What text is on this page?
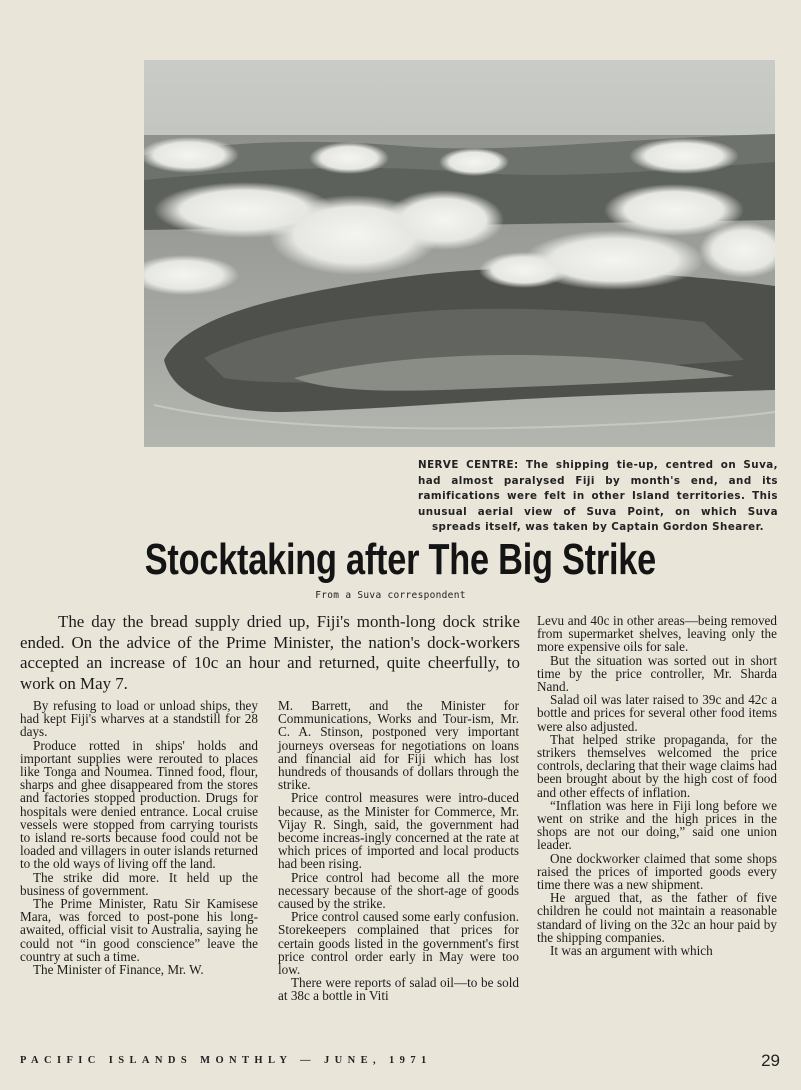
NERVE CENTRE: The shipping tie-up, centred on Suva, had almost paralysed Fiji by month's end, and its ramifications were felt in other Island territories. This unusual aerial view of Suva Point, on which Suva spreads itself, was taken by Captain Gordon Shearer.
Stocktaking after The Big Strike
From a Suva correspondent

The day the bread supply dried up, Fiji's month-long dock strike ended. On the advice of the Prime Minister, the nation's dock-workers accepted an increase of 10c an hour and returned, quite cheerfully, to work on May 7.

By refusing to load or unload ships, they had kept Fiji's wharves at a standstill for 28 days.

Produce rotted in ships' holds and important supplies were rerouted to places like Tonga and Noumea. Tinned food, flour, sharps and ghee disappeared from the stores and factories stopped production. Drugs for hospitals were denied entrance. Local cruise vessels were stopped from carrying tourists to island re-sorts because food could not be loaded and villagers in outer islands returned to the old ways of living off the land.

The strike did more. It held up the business of government.

The Prime Minister, Ratu Sir Kamisese Mara, was forced to post-pone his long-awaited, official visit to Australia, saying he could not “in good conscience” leave the country at such a time.

The Minister of Finance, Mr. W.

M. Barrett, and the Minister for Communications, Works and Tour-ism, Mr. C. A. Stinson, postponed very important journeys overseas for negotiations on loans and financial aid for Fiji which has lost hundreds of thousands of dollars through the strike.

Price control measures were intro-duced because, as the Minister for Commerce, Mr. Vijay R. Singh, said, the government had become increas-ingly concerned at the rate at which prices of imported and local products had been rising.

Price control had become all the more necessary because of the short-age of goods caused by the strike.

Price control caused some early confusion. Storekeepers complained that prices for certain goods listed in the government's first price control order early in May were too low.

There were reports of salad oil—to be sold at 38c a bottle in Viti

Levu and 40c in other areas—being removed from supermarket shelves, leaving only the more expensive oils for sale.

But the situation was sorted out in short time by the price controller, Mr. Sharda Nand.

Salad oil was later raised to 39c and 42c a bottle and prices for several other food items were also adjusted.

That helped strike propaganda, for the strikers themselves welcomed the price controls, declaring that their wage claims had been brought about by the high cost of food and other effects of inflation.

“Inflation was here in Fiji long before we went on strike and the high prices in the shops are not our doing,” said one union leader.

One dockworker claimed that some shops raised the prices of imported goods every time there was a new shipment.

He argued that, as the father of five children he could not maintain a reasonable standard of living on the 32c an hour paid by the shipping companies.

It was an argument with which

PACIFIC ISLANDS MONTHLY — JUNE, 1971	29
